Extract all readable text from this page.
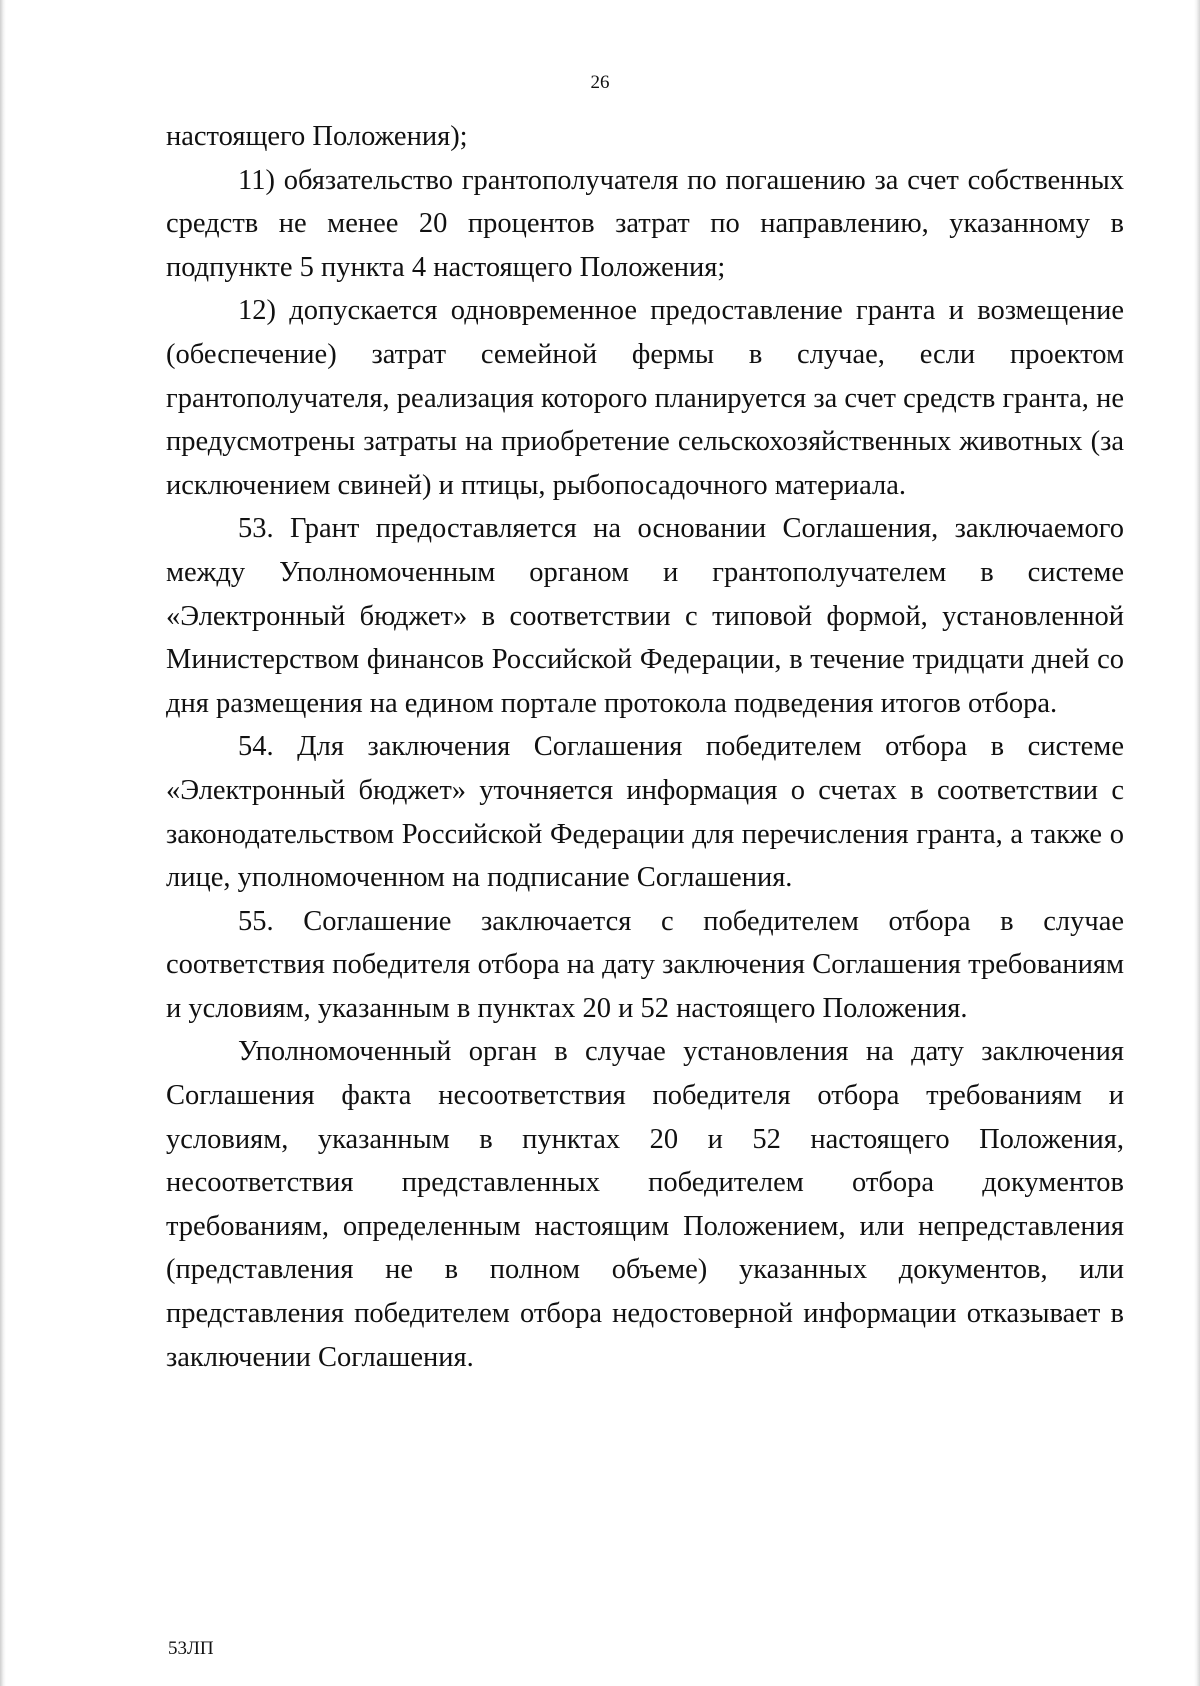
26

настоящего Положения);

11) обязательство грантополучателя по погашению за счет собственных средств не менее 20 процентов затрат по направлению, указанному в подпункте 5 пункта 4 настоящего Положения;

12) допускается одновременное предоставление гранта и возмещение (обеспечение) затрат семейной фермы в случае, если проектом грантополучателя, реализация которого планируется за счет средств гранта, не предусмотрены затраты на приобретение сельскохозяйственных животных (за исключением свиней) и птицы, рыбопосадочного материала.

53. Грант предоставляется на основании Соглашения, заключаемого между Уполномоченным органом и грантополучателем в системе «Электронный бюджет» в соответствии с типовой формой, установленной Министерством финансов Российской Федерации, в течение тридцати дней со дня размещения на едином портале протокола подведения итогов отбора.

54. Для заключения Соглашения победителем отбора в системе «Электронный бюджет» уточняется информация о счетах в соответствии с законодательством Российской Федерации для перечисления гранта, а также о лице, уполномоченном на подписание Соглашения.

55. Соглашение заключается с победителем отбора в случае соответствия победителя отбора на дату заключения Соглашения требованиям и условиям, указанным в пунктах 20 и 52 настоящего Положения.

Уполномоченный орган в случае установления на дату заключения Соглашения факта несоответствия победителя отбора требованиям и условиям, указанным в пунктах 20 и 52 настоящего Положения, несоответствия представленных победителем отбора документов требованиям, определенным настоящим Положением, или непредставления (представления не в полном объеме) указанных документов, или представления победителем отбора недостоверной информации отказывает в заключении Соглашения.

53ЛП
